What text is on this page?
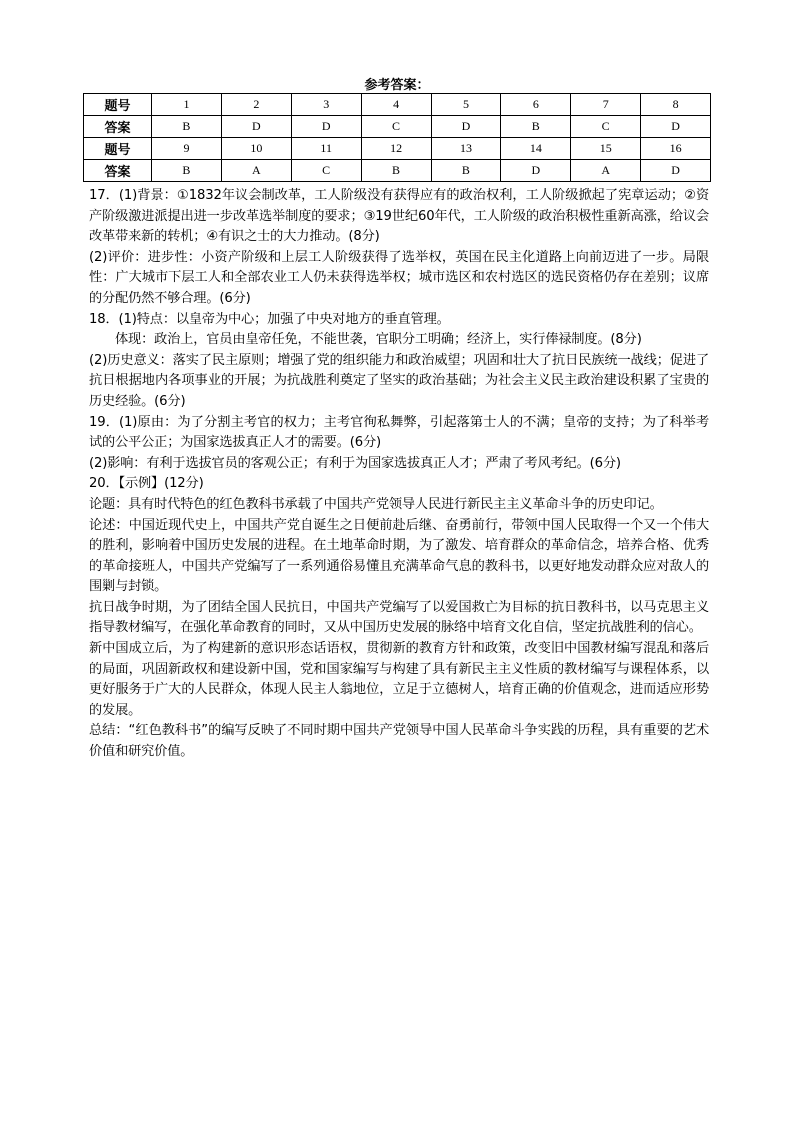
参考答案：
题号	1	2	3	4	5	6	7	8
答案	B	D	D	C	D	B	C	D
题号	9	10	11	12	13	14	15	16
答案	B	A	C	B	B	D	A	D

17．(1)背景：①1832年议会制改革，工人阶级没有获得应有的政治权利，工人阶级掀起了宪章运动；②资产阶级激进派提出进一步改革选举制度的要求；③19世纪60年代，工人阶级的政治积极性重新高涨，给议会改革带来新的转机；④有识之士的大力推动。(8分)

(2)评价：进步性：小资产阶级和上层工人阶级获得了选举权，英国在民主化道路上向前迈进了一步。局限性：广大城市下层工人和全部农业工人仍未获得选举权；城市选区和农村选区的选民资格仍存在差别；议席的分配仍然不够合理。(6分)

18．(1)特点：以皇帝为中心；加强了中央对地方的垂直管理。

体现：政治上，官员由皇帝任免，不能世袭，官职分工明确；经济上，实行俸禄制度。(8分)

(2)历史意义：落实了民主原则；增强了党的组织能力和政治威望；巩固和壮大了抗日民族统一战线；促进了抗日根据地内各项事业的开展；为抗战胜利奠定了坚实的政治基础；为社会主义民主政治建设积累了宝贵的历史经验。(6分)

19．(1)原由：为了分割主考官的权力；主考官徇私舞弊，引起落第士人的不满；皇帝的支持；为了科举考试的公平公正；为国家选拔真正人才的需要。(6分)

(2)影响：有利于选拔官员的客观公正；有利于为国家选拔真正人才；严肃了考风考纪。(6分)

20．【示例】(12分)

论题：具有时代特色的红色教科书承载了中国共产党领导人民进行新民主主义革命斗争的历史印记。

论述：中国近现代史上，中国共产党自诞生之日便前赴后继、奋勇前行，带领中国人民取得一个又一个伟大的胜利，影响着中国历史发展的进程。在土地革命时期，为了激发、培育群众的革命信念，培养合格、优秀的革命接班人，中国共产党编写了一系列通俗易懂且充满革命气息的教科书，以更好地发动群众应对敌人的围剿与封锁。

抗日战争时期，为了团结全国人民抗日，中国共产党编写了以爱国救亡为目标的抗日教科书，以马克思主义指导教材编写，在强化革命教育的同时，又从中国历史发展的脉络中培育文化自信，坚定抗战胜利的信心。

新中国成立后，为了构建新的意识形态话语权，贯彻新的教育方针和政策，改变旧中国教材编写混乱和落后的局面，巩固新政权和建设新中国，党和国家编写与构建了具有新民主主义性质的教材编写与课程体系，以更好服务于广大的人民群众，体现人民主人翁地位，立足于立德树人，培育正确的价值观念，进而适应形势的发展。

总结：“红色教科书”的编写反映了不同时期中国共产党领导中国人民革命斗争实践的历程，具有重要的艺术价值和研究价值。
